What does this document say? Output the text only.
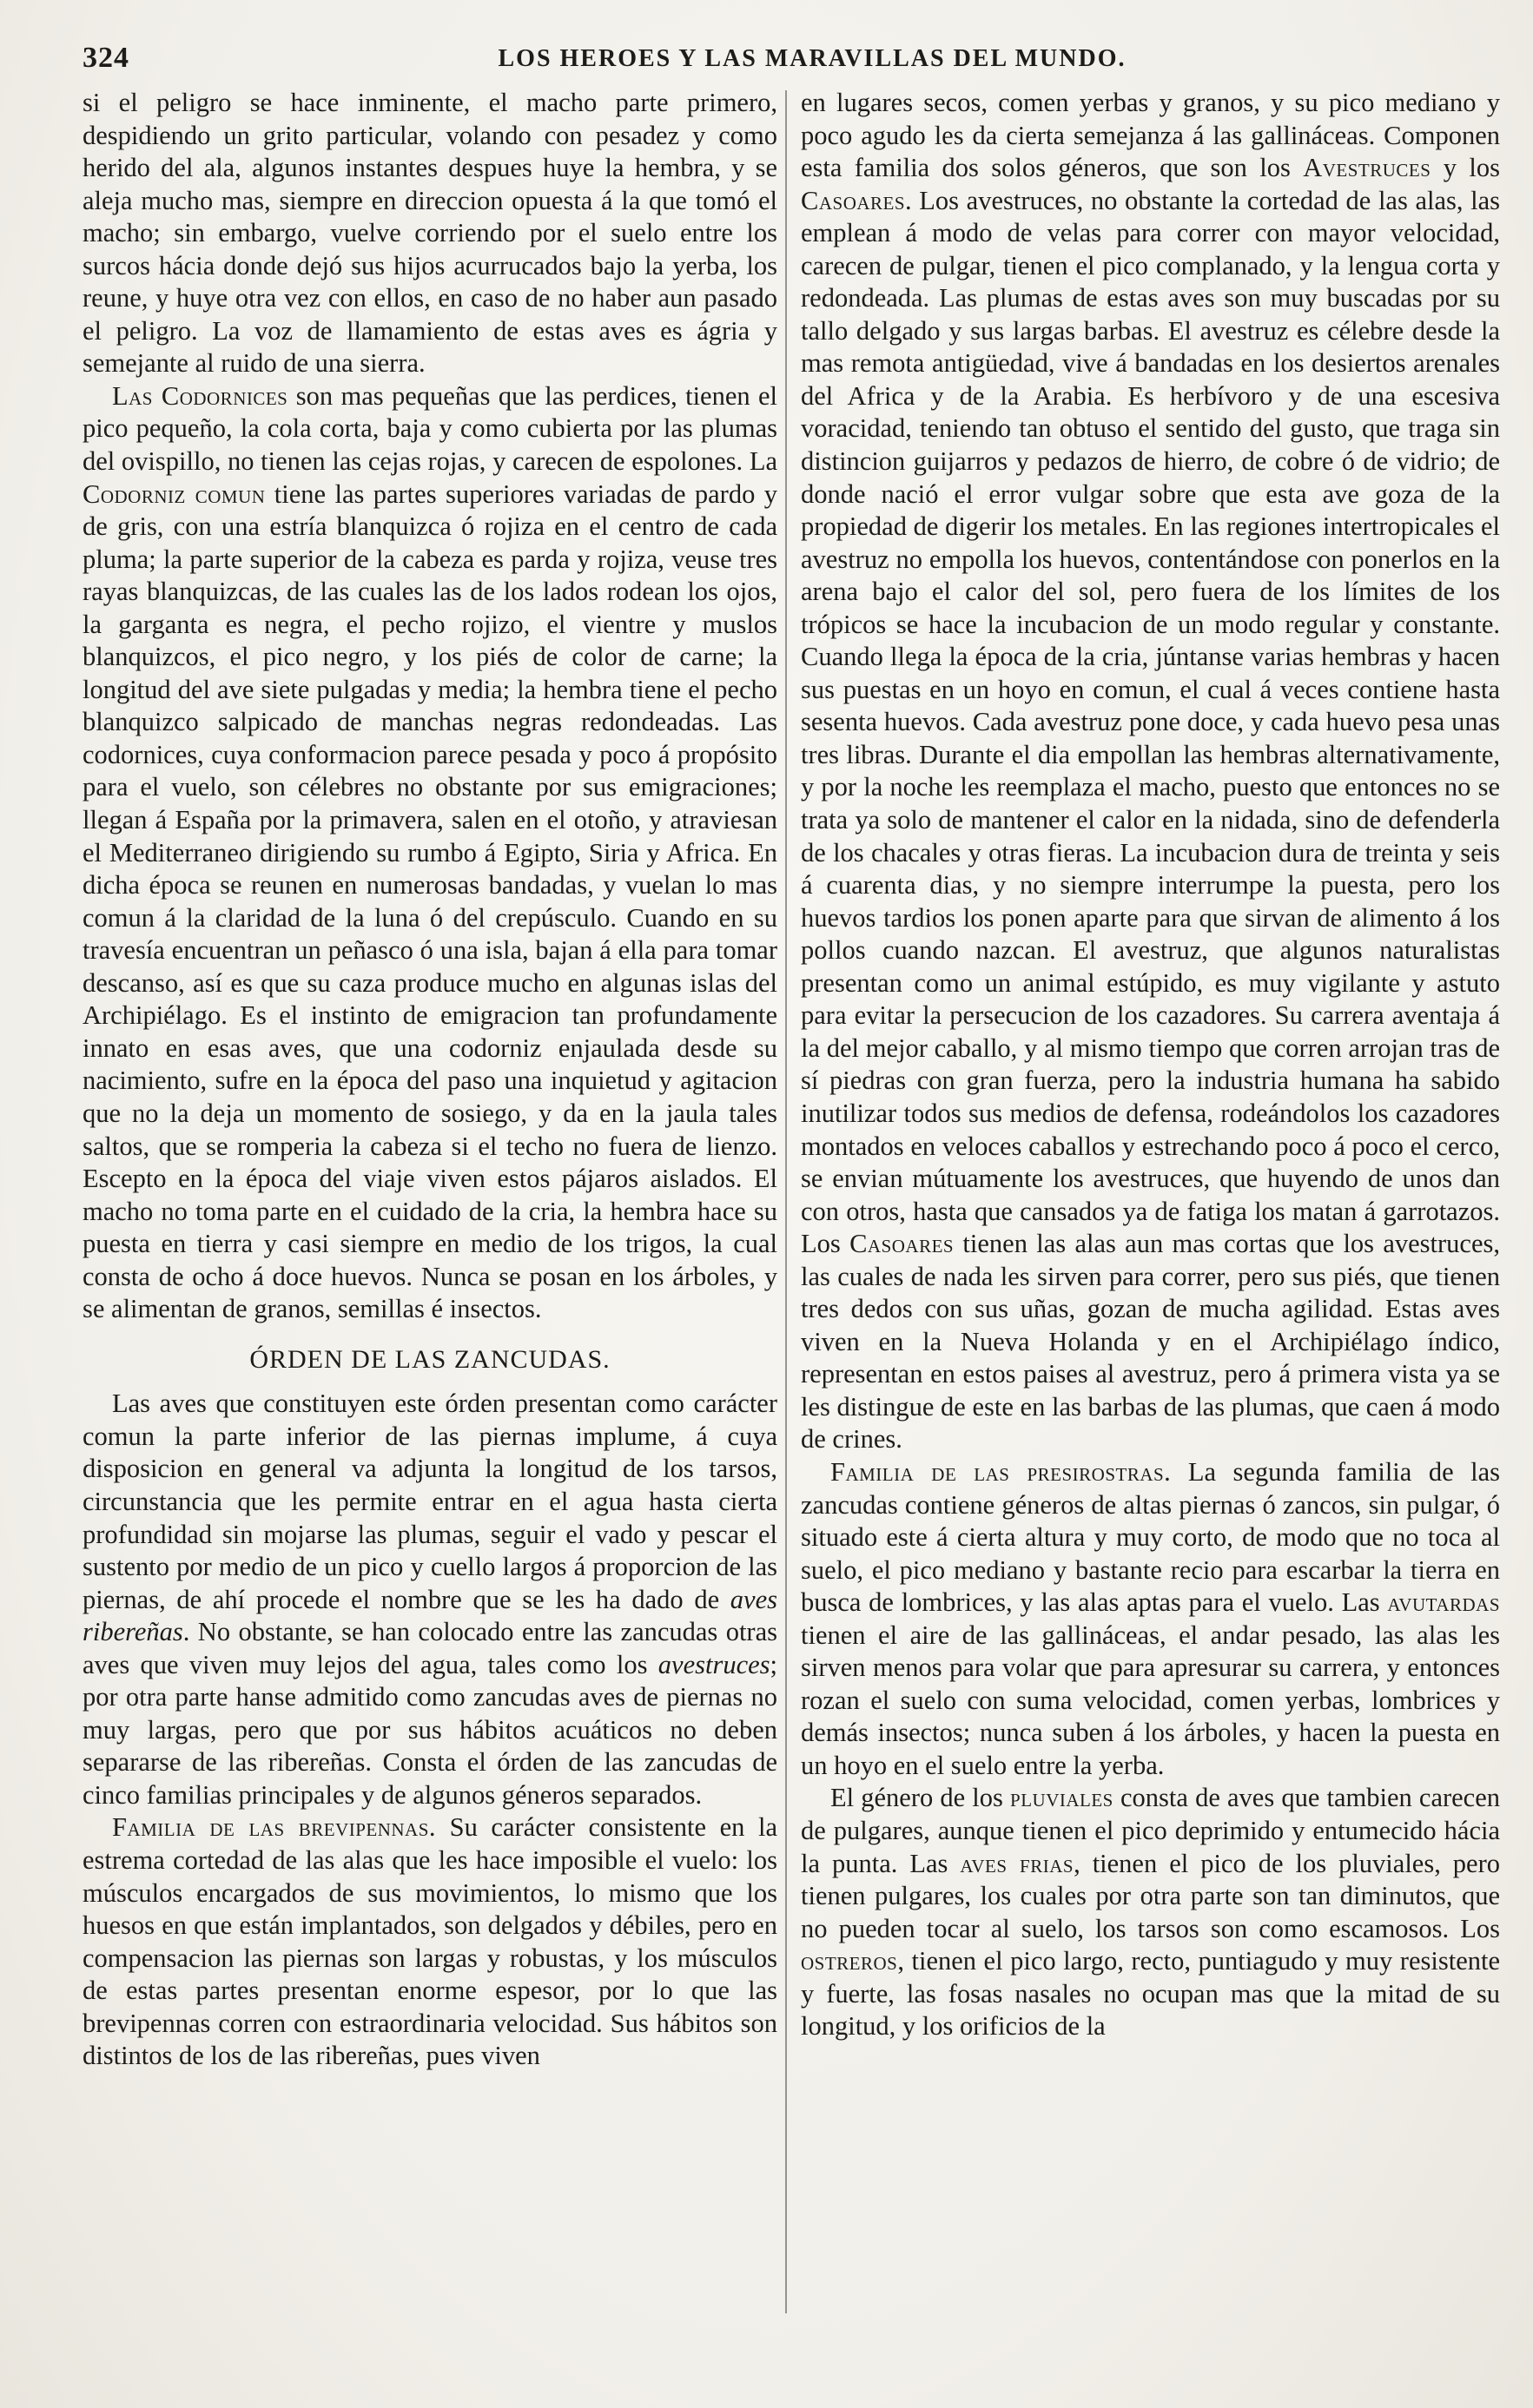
324	LOS HEROES Y LAS MARAVILLAS DEL MUNDO.

si el peligro se hace inminente, el macho parte primero, despidiendo un grito particular, volando con pesadez y como herido del ala, algunos instantes despues huye la hembra, y se aleja mucho mas, siempre en direccion opuesta á la que tomó el macho; sin embargo, vuelve corriendo por el suelo entre los surcos hácia donde dejó sus hijos acurrucados bajo la yerba, los reune, y huye otra vez con ellos, en caso de no haber aun pasado el peligro. La voz de llamamiento de estas aves es ágria y semejante al ruido de una sierra.

Las Codornices son mas pequeñas que las perdices, tienen el pico pequeño, la cola corta, baja y como cubierta por las plumas del ovispillo, no tienen las cejas rojas, y carecen de espolones. La Codorniz comun tiene las partes superiores variadas de pardo y de gris, con una estría blanquizca ó rojiza en el centro de cada pluma; la parte superior de la cabeza es parda y rojiza, veuse tres rayas blanquizcas, de las cuales las de los lados rodean los ojos, la garganta es negra, el pecho rojizo, el vientre y muslos blanquizcos, el pico negro, y los piés de color de carne; la longitud del ave siete pulgadas y media; la hembra tiene el pecho blanquizco salpicado de manchas negras redondeadas. Las codornices, cuya conformacion parece pesada y poco á propósito para el vuelo, son célebres no obstante por sus emigraciones; llegan á España por la primavera, salen en el otoño, y atraviesan el Mediterraneo dirigiendo su rumbo á Egipto, Siria y Africa. En dicha época se reunen en numerosas bandadas, y vuelan lo mas comun á la claridad de la luna ó del crepúsculo. Cuando en su travesía encuentran un peñasco ó una isla, bajan á ella para tomar descanso, así es que su caza produce mucho en algunas islas del Archipiélago. Es el instinto de emigracion tan profundamente innato en esas aves, que una codorniz enjaulada desde su nacimiento, sufre en la época del paso una inquietud y agitacion que no la deja un momento de sosiego, y da en la jaula tales saltos, que se romperia la cabeza si el techo no fuera de lienzo. Escepto en la época del viaje viven estos pájaros aislados. El macho no toma parte en el cuidado de la cria, la hembra hace su puesta en tierra y casi siempre en medio de los trigos, la cual consta de ocho á doce huevos. Nunca se posan en los árboles, y se alimentan de granos, semillas é insectos.

ÓRDEN DE LAS ZANCUDAS.

Las aves que constituyen este órden presentan como carácter comun la parte inferior de las piernas implume, á cuya disposicion en general va adjunta la longitud de los tarsos, circunstancia que les permite entrar en el agua hasta cierta profundidad sin mojarse las plumas, seguir el vado y pescar el sustento por medio de un pico y cuello largos á proporcion de las piernas, de ahí procede el nombre que se les ha dado de aves ribereñas. No obstante, se han colocado entre las zancudas otras aves que viven muy lejos del agua, tales como los avestruces; por otra parte hanse admitido como zancudas aves de piernas no muy largas, pero que por sus hábitos acuáticos no deben separarse de las ribereñas. Consta el órden de las zancudas de cinco familias principales y de algunos géneros separados.

Familia de las brevipennas. Su carácter consistente en la estrema cortedad de las alas que les hace imposible el vuelo: los músculos encargados de sus movimientos, lo mismo que los huesos en que están implantados, son delgados y débiles, pero en compensacion las piernas son largas y robustas, y los músculos de estas partes presentan enorme espesor, por lo que las brevipennas corren con estraordinaria velocidad. Sus hábitos son distintos de los de las ribereñas, pues viven

en lugares secos, comen yerbas y granos, y su pico mediano y poco agudo les da cierta semejanza á las gallináceas. Componen esta familia dos solos géneros, que son los Avestruces y los Casoares. Los avestruces, no obstante la cortedad de las alas, las emplean á modo de velas para correr con mayor velocidad, carecen de pulgar, tienen el pico complanado, y la lengua corta y redondeada. Las plumas de estas aves son muy buscadas por su tallo delgado y sus largas barbas. El avestruz es célebre desde la mas remota antigüedad, vive á bandadas en los desiertos arenales del Africa y de la Arabia. Es herbívoro y de una escesiva voracidad, teniendo tan obtuso el sentido del gusto, que traga sin distincion guijarros y pedazos de hierro, de cobre ó de vidrio; de donde nació el error vulgar sobre que esta ave goza de la propiedad de digerir los metales. En las regiones intertropicales el avestruz no empolla los huevos, contentándose con ponerlos en la arena bajo el calor del sol, pero fuera de los límites de los trópicos se hace la incubacion de un modo regular y constante. Cuando llega la época de la cria, júntanse varias hembras y hacen sus puestas en un hoyo en comun, el cual á veces contiene hasta sesenta huevos. Cada avestruz pone doce, y cada huevo pesa unas tres libras. Durante el dia empollan las hembras alternativamente, y por la noche les reemplaza el macho, puesto que entonces no se trata ya solo de mantener el calor en la nidada, sino de defenderla de los chacales y otras fieras. La incubacion dura de treinta y seis á cuarenta dias, y no siempre interrumpe la puesta, pero los huevos tardios los ponen aparte para que sirvan de alimento á los pollos cuando nazcan. El avestruz, que algunos naturalistas presentan como un animal estúpido, es muy vigilante y astuto para evitar la persecucion de los cazadores. Su carrera aventaja á la del mejor caballo, y al mismo tiempo que corren arrojan tras de sí piedras con gran fuerza, pero la industria humana ha sabido inutilizar todos sus medios de defensa, rodeándolos los cazadores montados en veloces caballos y estrechando poco á poco el cerco, se envian mútuamente los avestruces, que huyendo de unos dan con otros, hasta que cansados ya de fatiga los matan á garrotazos. Los Casoares tienen las alas aun mas cortas que los avestruces, las cuales de nada les sirven para correr, pero sus piés, que tienen tres dedos con sus uñas, gozan de mucha agilidad. Estas aves viven en la Nueva Holanda y en el Archipiélago índico, representan en estos paises al avestruz, pero á primera vista ya se les distingue de este en las barbas de las plumas, que caen á modo de crines.

Familia de las presirostras. La segunda familia de las zancudas contiene géneros de altas piernas ó zancos, sin pulgar, ó situado este á cierta altura y muy corto, de modo que no toca al suelo, el pico mediano y bastante recio para escarbar la tierra en busca de lombrices, y las alas aptas para el vuelo. Las avutardas tienen el aire de las gallináceas, el andar pesado, las alas les sirven menos para volar que para apresurar su carrera, y entonces rozan el suelo con suma velocidad, comen yerbas, lombrices y demás insectos; nunca suben á los árboles, y hacen la puesta en un hoyo en el suelo entre la yerba.

El género de los pluviales consta de aves que tambien carecen de pulgares, aunque tienen el pico deprimido y entumecido hácia la punta. Las aves frias, tienen el pico de los pluviales, pero tienen pulgares, los cuales por otra parte son tan diminutos, que no pueden tocar al suelo, los tarsos son como escamosos. Los ostreros, tienen el pico largo, recto, puntiagudo y muy resistente y fuerte, las fosas nasales no ocupan mas que la mitad de su longitud, y los orificios de la
